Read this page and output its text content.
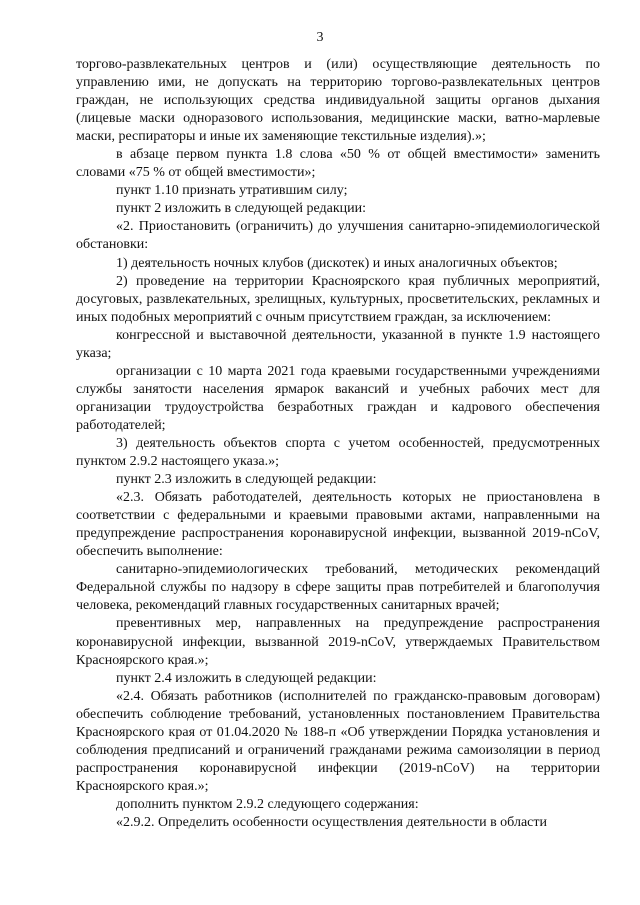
3

торгово-развлекательных центров и (или) осуществляющие деятельность по управлению ими, не допускать на территорию торгово-развлекательных центров граждан, не использующих средства индивидуальной защиты органов дыхания (лицевые маски одноразового использования, медицинские маски, ватно-марлевые маски, респираторы и иные их заменяющие текстильные изделия).»;

в абзаце первом пункта 1.8 слова «50 % от общей вместимости» заменить словами «75 % от общей вместимости»;

пункт 1.10 признать утратившим силу;

пункт 2 изложить в следующей редакции:

«2. Приостановить (ограничить) до улучшения санитарно-эпидемиологической обстановки:

1) деятельность ночных клубов (дискотек) и иных аналогичных объектов;

2) проведение на территории Красноярского края публичных мероприятий, досуговых, развлекательных, зрелищных, культурных, просветительских, рекламных и иных подобных мероприятий с очным присутствием граждан, за исключением:

конгрессной и выставочной деятельности, указанной в пункте 1.9 настоящего указа;

организации с 10 марта 2021 года краевыми государственными учреждениями службы занятости населения ярмарок вакансий и учебных рабочих мест для организации трудоустройства безработных граждан и кадрового обеспечения работодателей;

3) деятельность объектов спорта с учетом особенностей, предусмотренных пунктом 2.9.2 настоящего указа.»;

пункт 2.3 изложить в следующей редакции:

«2.3. Обязать работодателей, деятельность которых не приостановлена в соответствии с федеральными и краевыми правовыми актами, направленными на предупреждение распространения коронавирусной инфекции, вызванной 2019-nCoV, обеспечить выполнение:

санитарно-эпидемиологических требований, методических рекомендаций Федеральной службы по надзору в сфере защиты прав потребителей и благополучия человека, рекомендаций главных государственных санитарных врачей;

превентивных мер, направленных на предупреждение распространения коронавирусной инфекции, вызванной 2019-nCoV, утверждаемых Правительством Красноярского края.»;

пункт 2.4 изложить в следующей редакции:

«2.4. Обязать работников (исполнителей по гражданско-правовым договорам) обеспечить соблюдение требований, установленных постановлением Правительства Красноярского края от 01.04.2020 № 188-п «Об утверждении Порядка установления и соблюдения предписаний и ограничений гражданами режима самоизоляции в период распространения коронавирусной инфекции (2019-nCoV) на территории Красноярского края.»;

дополнить пунктом 2.9.2 следующего содержания:

«2.9.2. Определить особенности осуществления деятельности в области
